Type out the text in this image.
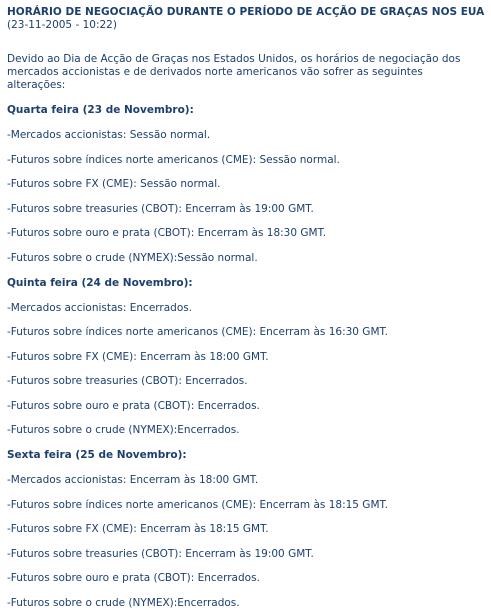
HORÁRIO DE NEGOCIAÇÃO DURANTE O PERÍODO DE ACÇÃO DE GRAÇAS NOS EUA
(23-11-2005 - 10:22)
Devido ao Dia de Acção de Graças nos Estados Unidos, os horários de negociação dos mercados accionistas e de derivados norte americanos vão sofrer as seguintes alterações:
Quarta feira (23 de Novembro):
-Mercados accionistas: Sessão normal.
-Futuros sobre índices norte americanos (CME): Sessão normal.
-Futuros sobre FX (CME): Sessão normal.
-Futuros sobre treasuries (CBOT): Encerram às 19:00 GMT.
-Futuros sobre ouro e prata (CBOT): Encerram às 18:30 GMT.
-Futuros sobre o crude (NYMEX):Sessão normal.
Quinta feira (24 de Novembro):
-Mercados accionistas: Encerrados.
-Futuros sobre índices norte americanos (CME): Encerram às 16:30 GMT.
-Futuros sobre FX (CME): Encerram às 18:00 GMT.
-Futuros sobre treasuries (CBOT): Encerrados.
-Futuros sobre ouro e prata (CBOT): Encerrados.
-Futuros sobre o crude (NYMEX):Encerrados.
Sexta feira (25 de Novembro):
-Mercados accionistas: Encerram às 18:00 GMT.
-Futuros sobre índices norte americanos (CME): Encerram às 18:15 GMT.
-Futuros sobre FX (CME): Encerram às 18:15 GMT.
-Futuros sobre treasuries (CBOT): Encerram às 19:00 GMT.
-Futuros sobre ouro e prata (CBOT): Encerrados.
-Futuros sobre o crude (NYMEX):Encerrados.
